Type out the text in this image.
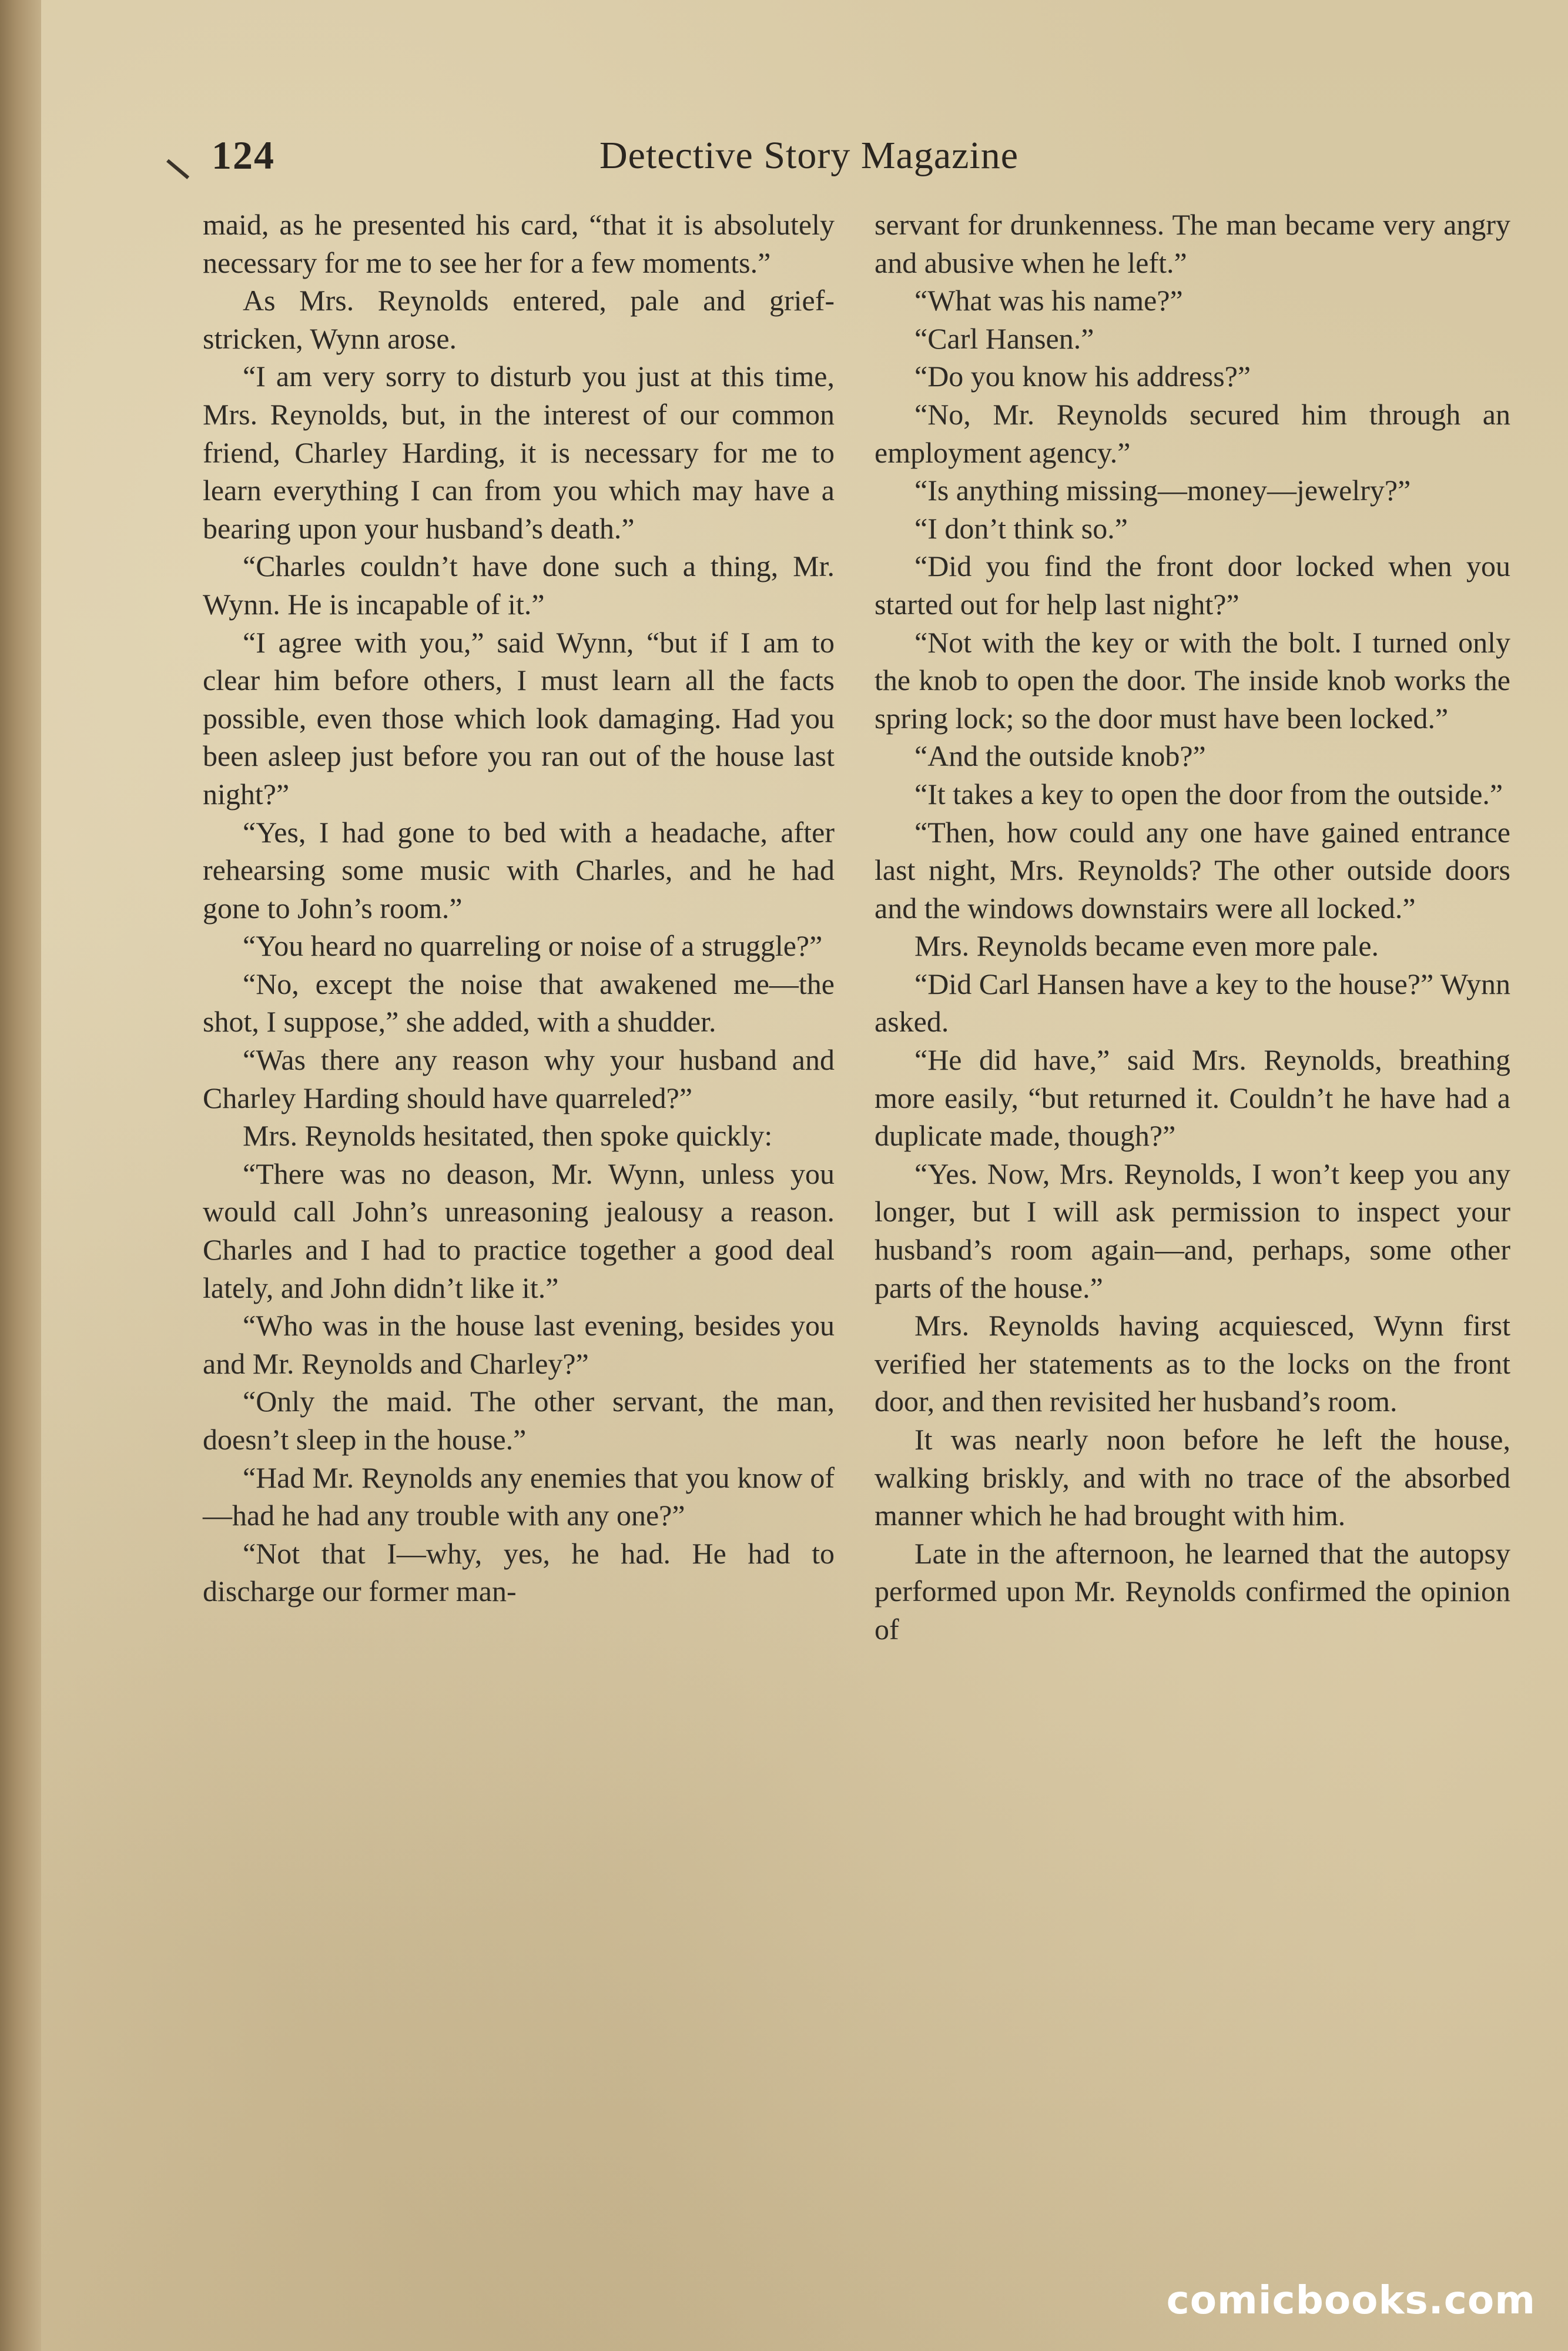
124	Detective Story Magazine

maid, as he presented his card, “that it is absolutely necessary for me to see her for a few moments.”

As Mrs. Reynolds entered, pale and grief-stricken, Wynn arose.

“I am very sorry to disturb you just at this time, Mrs. Reynolds, but, in the interest of our common friend, Charley Harding, it is necessary for me to learn everything I can from you which may have a bearing upon your husband’s death.”

“Charles couldn’t have done such a thing, Mr. Wynn. He is incapable of it.”

“I agree with you,” said Wynn, “but if I am to clear him before others, I must learn all the facts possible, even those which look damaging. Had you been asleep just before you ran out of the house last night?”

“Yes, I had gone to bed with a headache, after rehearsing some music with Charles, and he had gone to John’s room.”

“You heard no quarreling or noise of a struggle?”

“No, except the noise that awakened me—the shot, I suppose,” she added, with a shudder.

“Was there any reason why your husband and Charley Harding should have quarreled?”

Mrs. Reynolds hesitated, then spoke quickly:

“There was no deason, Mr. Wynn, unless you would call John’s unreasoning jealousy a reason. Charles and I had to practice together a good deal lately, and John didn’t like it.”

“Who was in the house last evening, besides you and Mr. Reynolds and Charley?”

“Only the maid. The other servant, the man, doesn’t sleep in the house.”

“Had Mr. Reynolds any enemies that you know of—had he had any trouble with any one?”

“Not that I—why, yes, he had. He had to discharge our former man-

servant for drunkenness. The man became very angry and abusive when he left.”

“What was his name?”

“Carl Hansen.”

“Do you know his address?”

“No, Mr. Reynolds secured him through an employment agency.”

“Is anything missing—money—jewelry?”

“I don’t think so.”

“Did you find the front door locked when you started out for help last night?”

“Not with the key or with the bolt. I turned only the knob to open the door. The inside knob works the spring lock; so the door must have been locked.”

“And the outside knob?”

“It takes a key to open the door from the outside.”

“Then, how could any one have gained entrance last night, Mrs. Reynolds? The other outside doors and the windows downstairs were all locked.”

Mrs. Reynolds became even more pale.

“Did Carl Hansen have a key to the house?” Wynn asked.

“He did have,” said Mrs. Reynolds, breathing more easily, “but returned it. Couldn’t he have had a duplicate made, though?”

“Yes. Now, Mrs. Reynolds, I won’t keep you any longer, but I will ask permission to inspect your husband’s room again—and, perhaps, some other parts of the house.”

Mrs. Reynolds having acquiesced, Wynn first verified her statements as to the locks on the front door, and then revisited her husband’s room.

It was nearly noon before he left the house, walking briskly, and with no trace of the absorbed manner which he had brought with him.

Late in the afternoon, he learned that the autopsy performed upon Mr. Reynolds confirmed the opinion of

comicbooks.com
